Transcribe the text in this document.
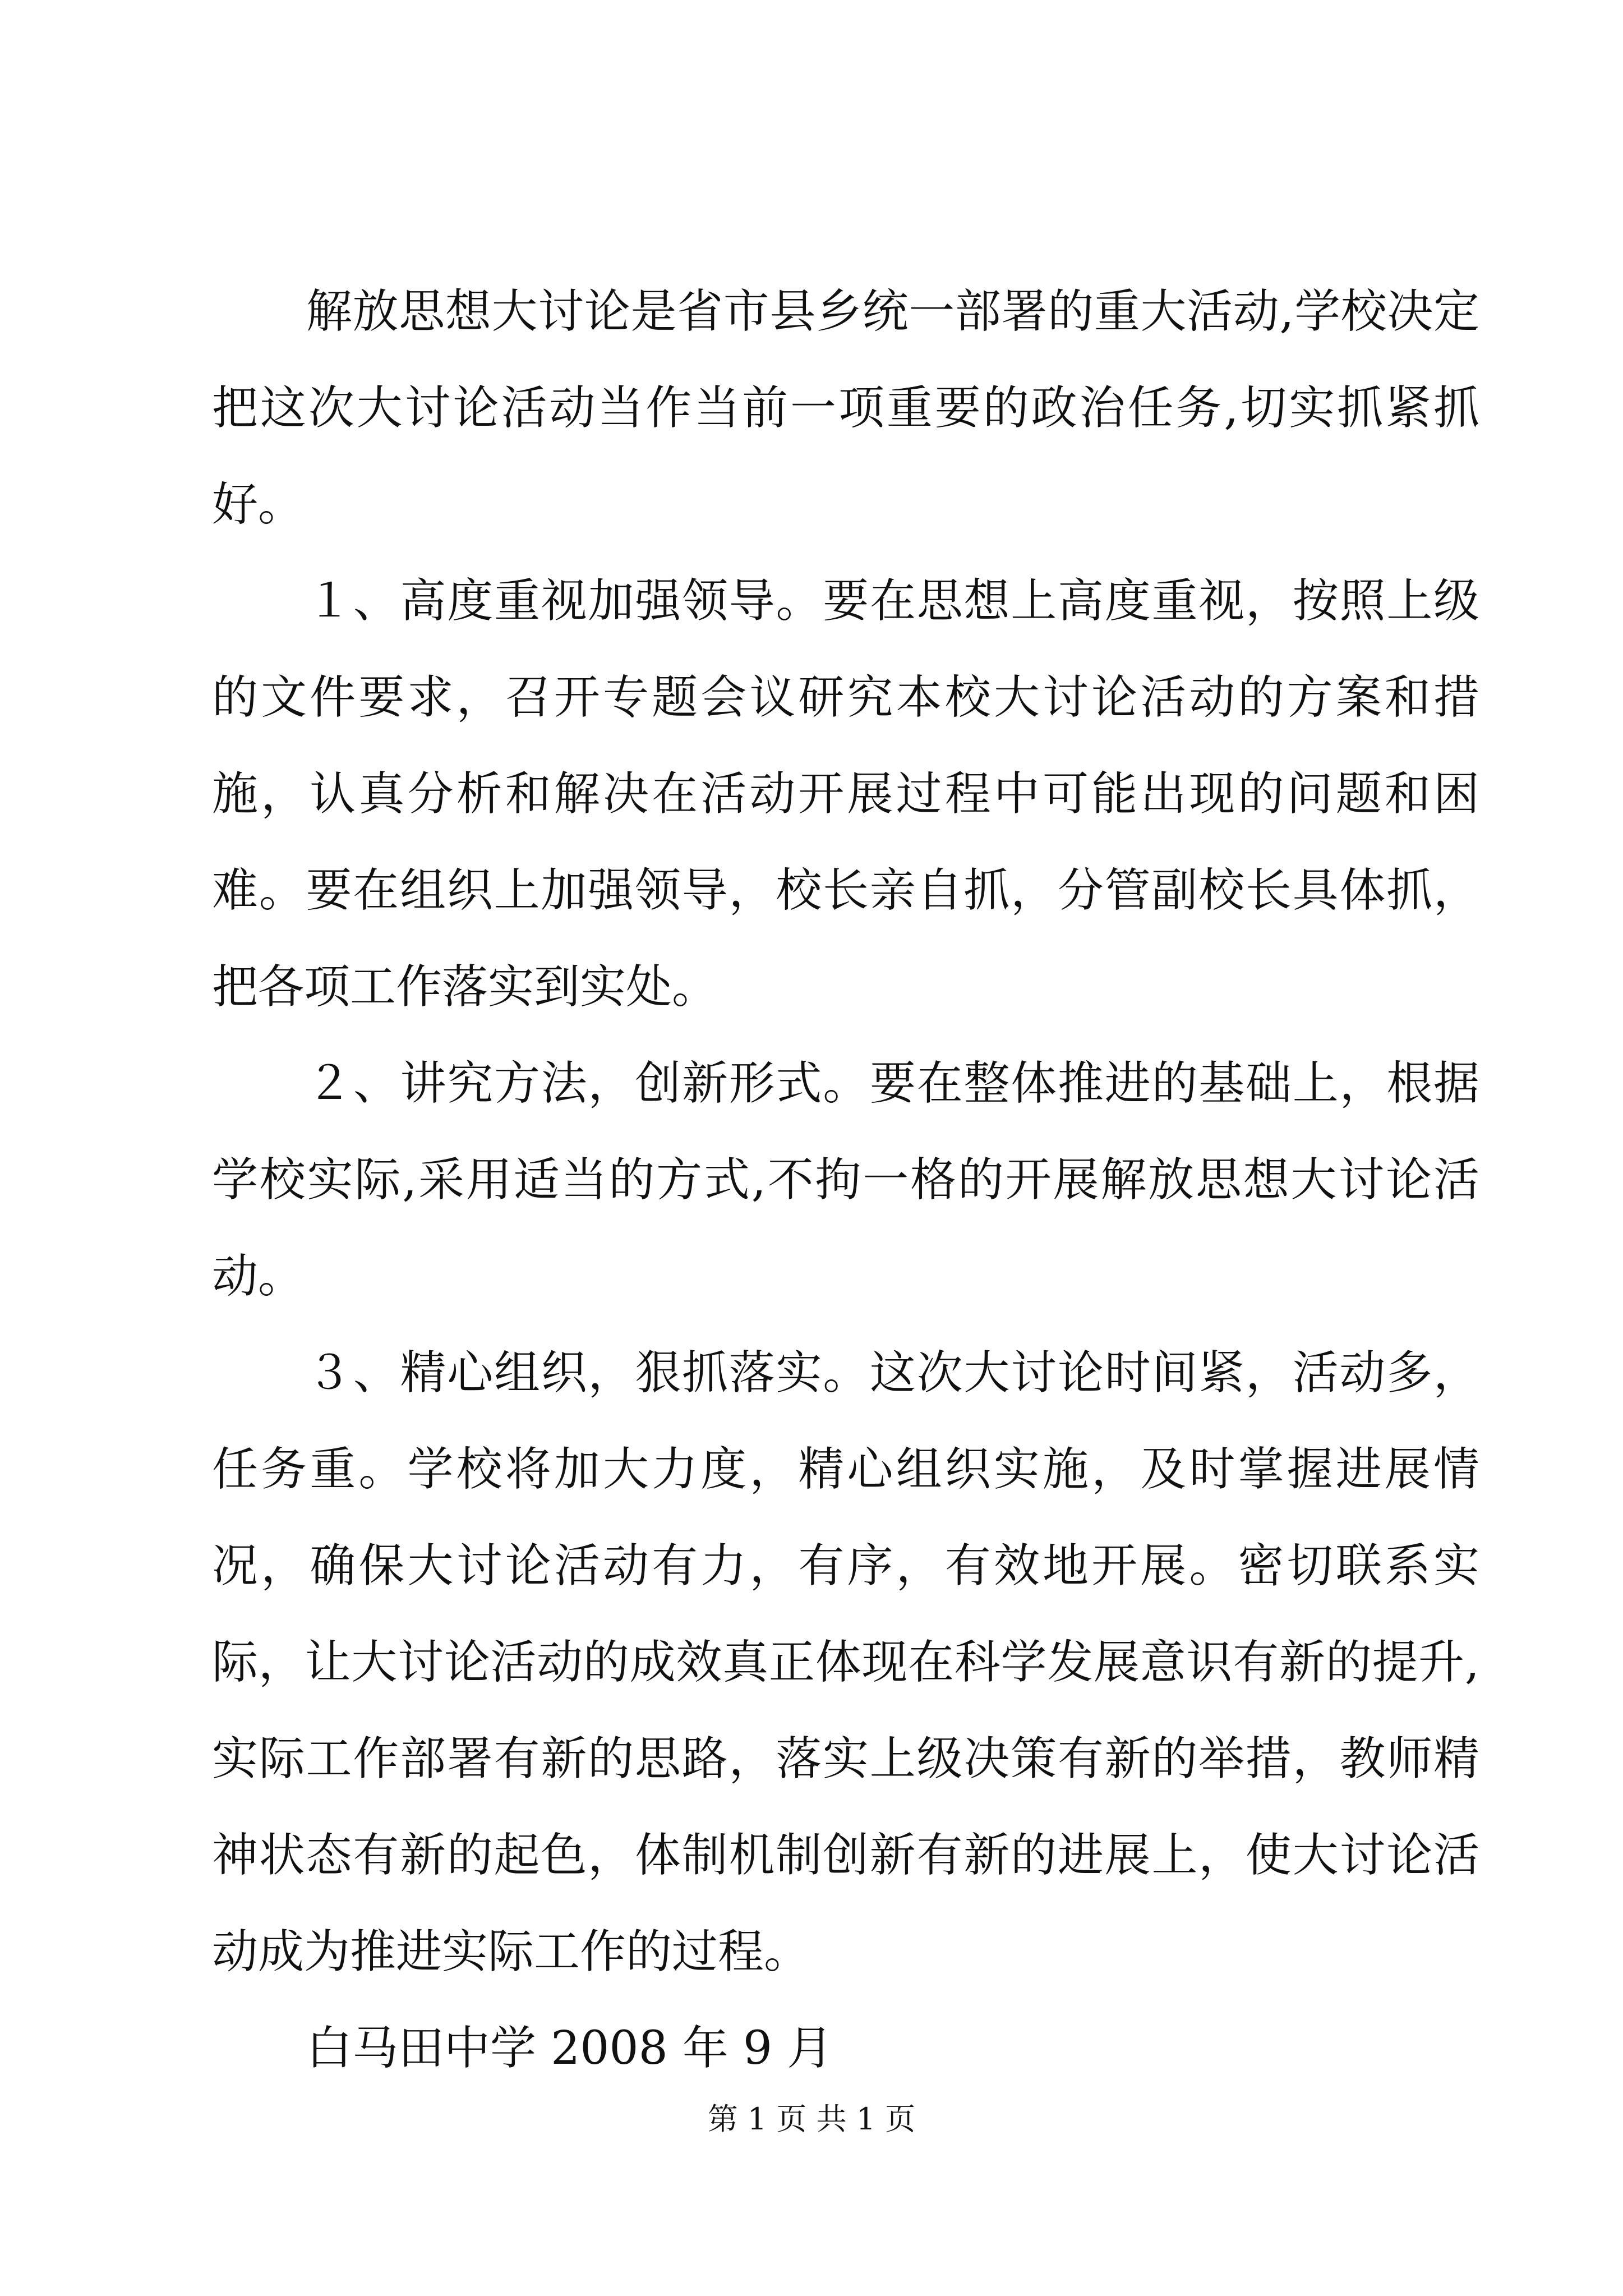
解放思想大讨论是省市县乡统一部署的重大活动,学校决定把这次大讨论活动当作当前一项重要的政治任务,切实抓紧抓好。

１、高度重视加强领导。要在思想上高度重视，按照上级的文件要求，召开专题会议研究本校大讨论活动的方案和措施，认真分析和解决在活动开展过程中可能出现的问题和困难。要在组织上加强领导，校长亲自抓，分管副校长具体抓，把各项工作落实到实处。

２、讲究方法，创新形式。要在整体推进的基础上，根据学校实际,采用适当的方式,不拘一格的开展解放思想大讨论活动。

３、精心组织，狠抓落实。这次大讨论时间紧，活动多，任务重。学校将加大力度，精心组织实施，及时掌握进展情况，确保大讨论活动有力，有序，有效地开展。密切联系实际，让大讨论活动的成效真正体现在科学发展意识有新的提升,实际工作部署有新的思路，落实上级决策有新的举措，教师精神状态有新的起色，体制机制创新有新的进展上，使大讨论活动成为推进实际工作的过程。

白马田中学 2008 年 9 月

第 1 页 共 1 页
